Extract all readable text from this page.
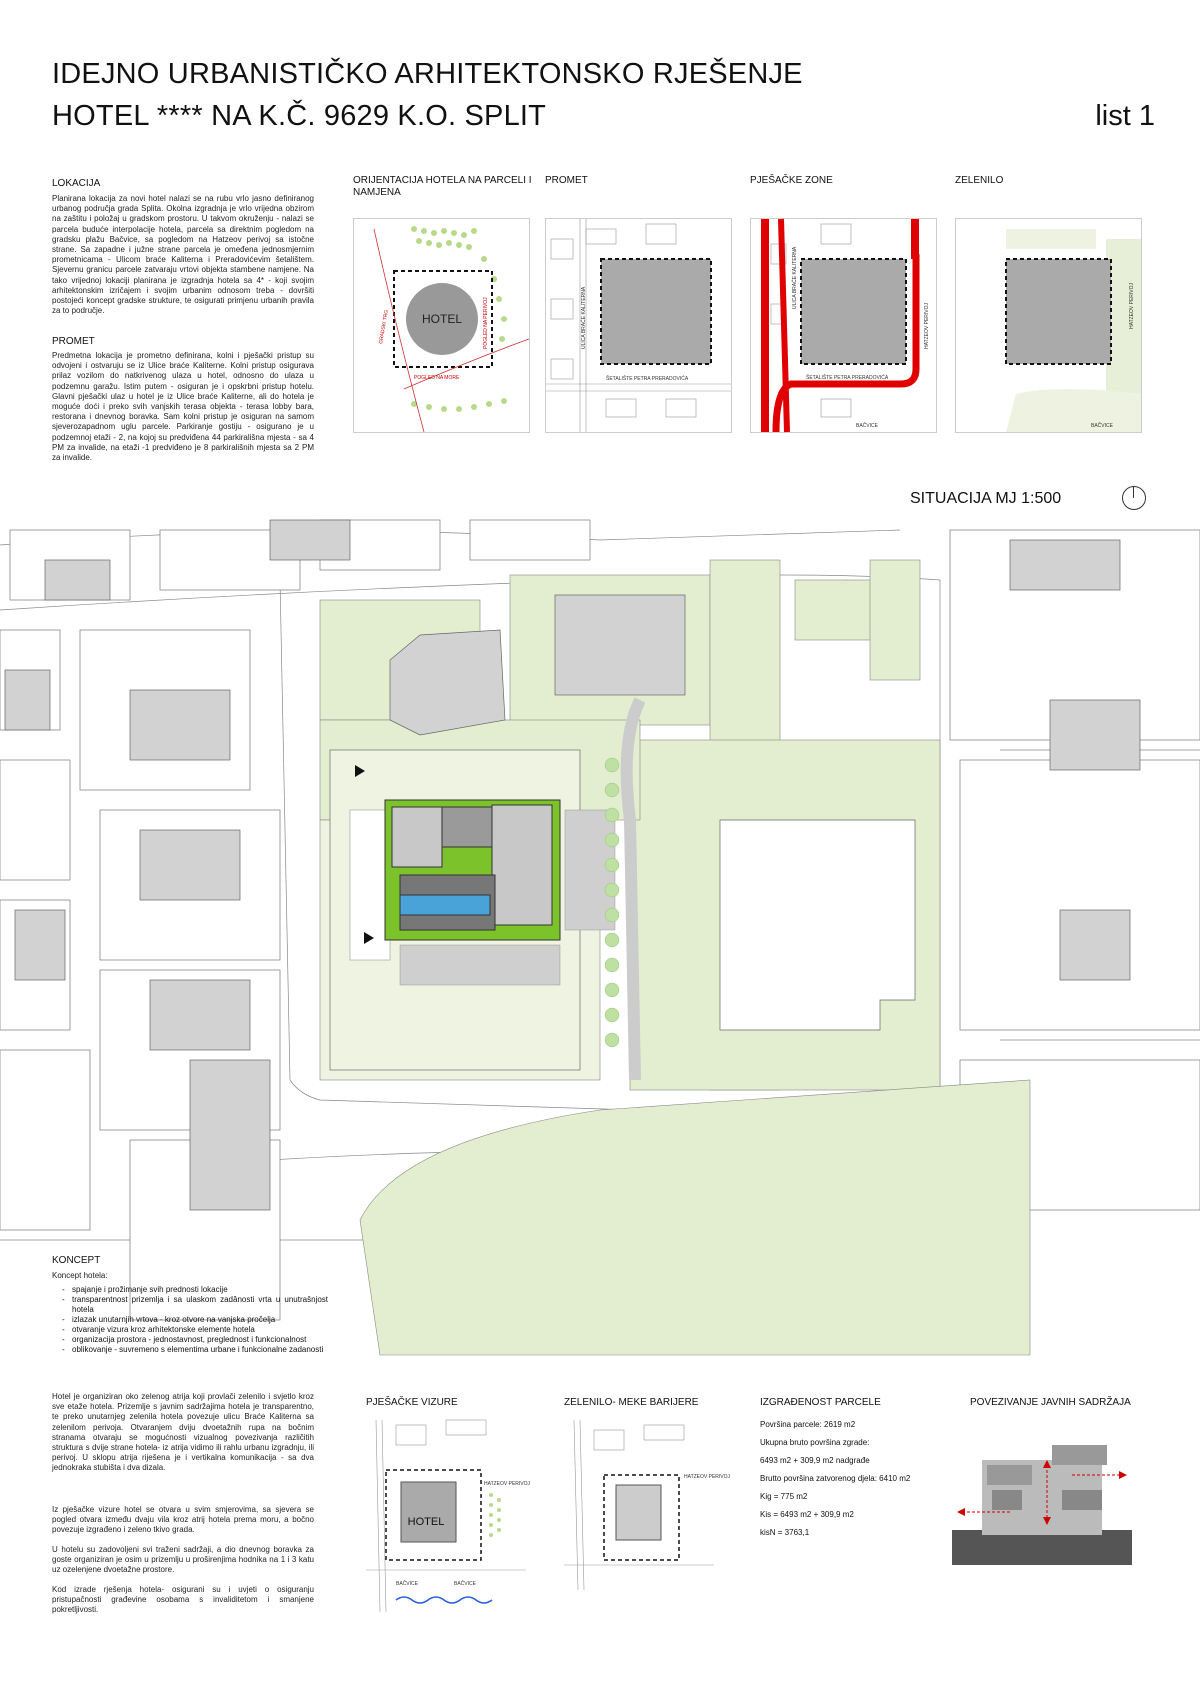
IDEJNO URBANISTIČKO ARHITEKTONSKO RJEŠENJE
HOTEL **** NA K.Č. 9629 K.O. SPLIT	list 1
LOKACIJA
Planirana lokacija za novi hotel nalazi se na rubu vrlo jasno definiranog urbanog područja grada Splita. Okolna izgradnja je vrlo vrijedna obzirom na zaštitu i položaj u gradskom prostoru. U takvom okruženju - nalazi se parcela buduće interpolacije hotela, parcela sa direktnim pogledom na gradsku plažu Bačvice, sa pogledom na Hatzeov perivoj sa istočne strane. Sa zapadne i južne strane parcela je omeđena jednosmjernim prometnicama - Ulicom braće Kaliterna i Preradovićevim šetalištem. Sjevernu granicu parcele zatvaraju vrtovi objekta stambene namjene. Na tako vrijednoj lokaciji planirana je izgradnja hotela sa 4* - koji svojim arhitektonskim izričajem i svojim urbanim odnosom treba - dovršiti postojeći koncept gradske strukture, te osigurati primjenu urbanih pravila za to područje.
PROMET
Predmetna lokacija je prometno definirana, kolni i pješački pristup su odvojeni i ostvaruju se iz Ulice braće Kaliterne. Kolni pristup osigurava prilaz vozilom do natkrivenog ulaza u hotel, odnosno do ulaza u podzemnu garažu. Istim putem - osiguran je i opskrbni pristup hotelu. Glavni pješački ulaz u hotel je iz Ulice braće Kaliterne, ali do hotela je moguće doći i preko svih vanjskih terasa objekta - terasa lobby bara, restorana i dnevnog boravka. Sam kolni pristup je osiguran na samom sjeverozapadnom uglu parcele. Parkiranje gostiju - osigurano je u podzemnoj etaži - 2, na kojoj su predviđena 44 parkirališna mjesta - sa 4 PM za invalide, na etaži -1 predviđeno je 8 parkirališnih mjesta sa 2 PM za invalide.
ORIJENTACIJA HOTELA NA PARCELI I NAMJENA
PROMET	PJEŠAČKE ZONE	ZELENILO
HOTEL
POGLED NA MORE
POGLED NA PERIVOJ
GRADSKI TRG	ULICA BRAĆE KALITERNA
ŠETALIŠTE PETRA PRERADOVIĆA
ULICA BRAĆE KALITERNA
HATZEOV PERIVOJ
ŠETALIŠTE PETRA PRERADOVIĆA
BAČVICE
HATZEOV PERIVOJ
BAČVICE
SITUACIJA MJ 1:500
KONCEPT
Koncept hotela:
- spajanje i prožimanje svih prednosti lokacije
- transparentnost prizemlja i sa ulaskom zadânosti vrta u unutrašnjost hotela
- izlazak unutarnjih vrtova - kroz otvore na vanjska pročelja
- otvaranje vizura kroz arhitektonske elemente hotela
- organizacija prostora - jednostavnost, preglednost i funkcionalnost
- oblikovanje - suvremeno s elementima urbane i funkcionalne zadanosti
Hotel je organiziran oko zelenog atrija koji provlači zelenilo i svjetlo kroz sve etaže hotela. Prizemlje s javnim sadržajima hotela je transparentno, te preko unutarnjeg zelenila hotela povezuje ulicu Braće Kaliterna sa zelenilom perivoja. Otvaranjem dviju dvoetažnih rupa na bočnim stranama otvaraju se mogućnosti vizualnog povezivanja različitih struktura s dvije strane hotela- iz atrija vidimo ili rahlu urbanu izgradnju, ili perivoj. U sklopu atrija riješena je i vertikalna komunikacija - sa dva jednokraka stubišta i dva dizala.
Iz pješačke vizure hotel se otvara u svim smjerovima, sa sjevera se pogled otvara između dvaju vila kroz atrij hotela prema moru, a bočno povezuje izgrađeno i zeleno tkivo grada.
U hotelu su zadovoljeni svi traženi sadržaji, a dio dnevnog boravka za goste organiziran je osim u prizemlju u proširenjima hodnika na 1 i 3 katu uz ozelenjene dvoetažne prostore.
Kod izrade rješenja hotela- osigurani su i uvjeti o osiguranju pristupačnosti građevine osobama s invaliditetom i smanjene pokretljivosti.
PJEŠAČKE VIZURE
HOTEL
HATZEOV PERIVOJ
BAČVICE	BAČVICE
ZELENILO- MEKE BARIJERE
HATZEOV PERIVOJ
IZGRAĐENOST PARCELE
Površina parcele: 2619 m2
Ukupna bruto površina zgrade:
6493 m2 + 309,9 m2 nadgrađe
Brutto površina zatvorenog djela: 6410 m2
Kig = 775 m2
Kis = 6493 m2 + 309,9 m2
kisN = 3763,1
POVEZIVANJE JAVNIH SADRŽAJA
